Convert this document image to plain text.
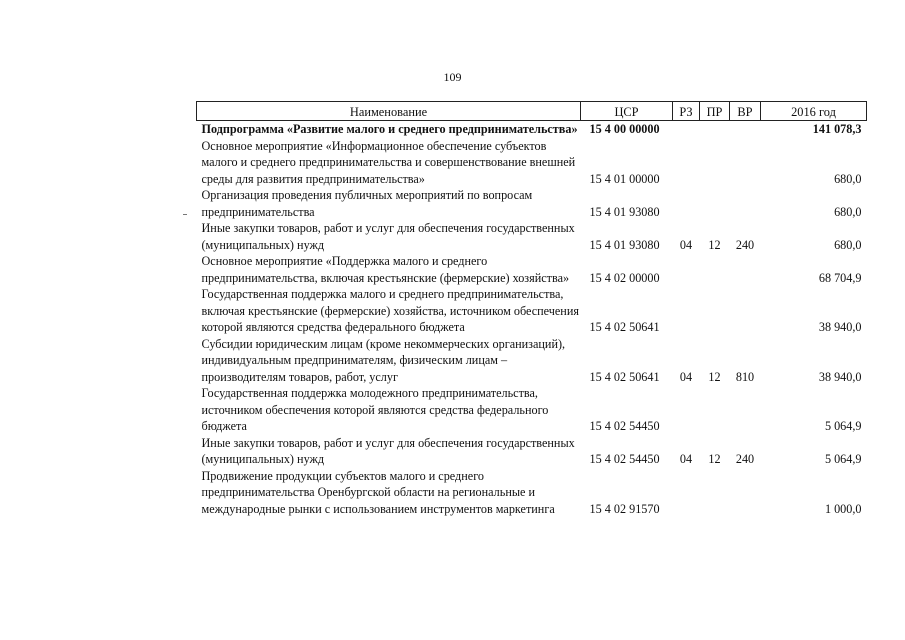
109
Наименование	ЦСР	РЗ	ПР	ВР	2016 год
Подпрограмма «Развитие малого и среднего предпринимательства»	15 4 00 00000				141 078,3
Основное мероприятие «Информационное обеспечение субъектов малого и среднего предпринимательства и совершенствование внешней среды для развития предпринимательства»	15 4 01 00000				680,0
Организация проведения публичных мероприятий по вопросам предпринимательства	15 4 01 93080				680,0
Иные закупки товаров, работ и услуг для обеспечения государственных (муниципальных) нужд	15 4 01 93080	04	12	240	680,0
Основное мероприятие «Поддержка малого и среднего предпринимательства, включая крестьянские (фермерские) хозяйства»	15 4 02 00000				68 704,9
Государственная поддержка малого и среднего предпринимательства, включая крестьянские (фермерские) хозяйства, источником обеспечения которой являются средства федерального бюджета	15 4 02 50641				38 940,0
Субсидии юридическим лицам (кроме некоммерческих организаций), индивидуальным предпринимателям, физическим лицам – производителям товаров, работ, услуг	15 4 02 50641	04	12	810	38 940,0
Государственная поддержка молодежного предпринимательства, источником обеспечения которой являются средства федерального бюджета	15 4 02 54450				5 064,9
Иные закупки товаров, работ и услуг для обеспечения государственных (муниципальных) нужд	15 4 02 54450	04	12	240	5 064,9
Продвижение продукции субъектов малого и среднего предпринимательства Оренбургской области на региональные и международные рынки с использованием инструментов маркетинга	15 4 02 91570				1 000,0
